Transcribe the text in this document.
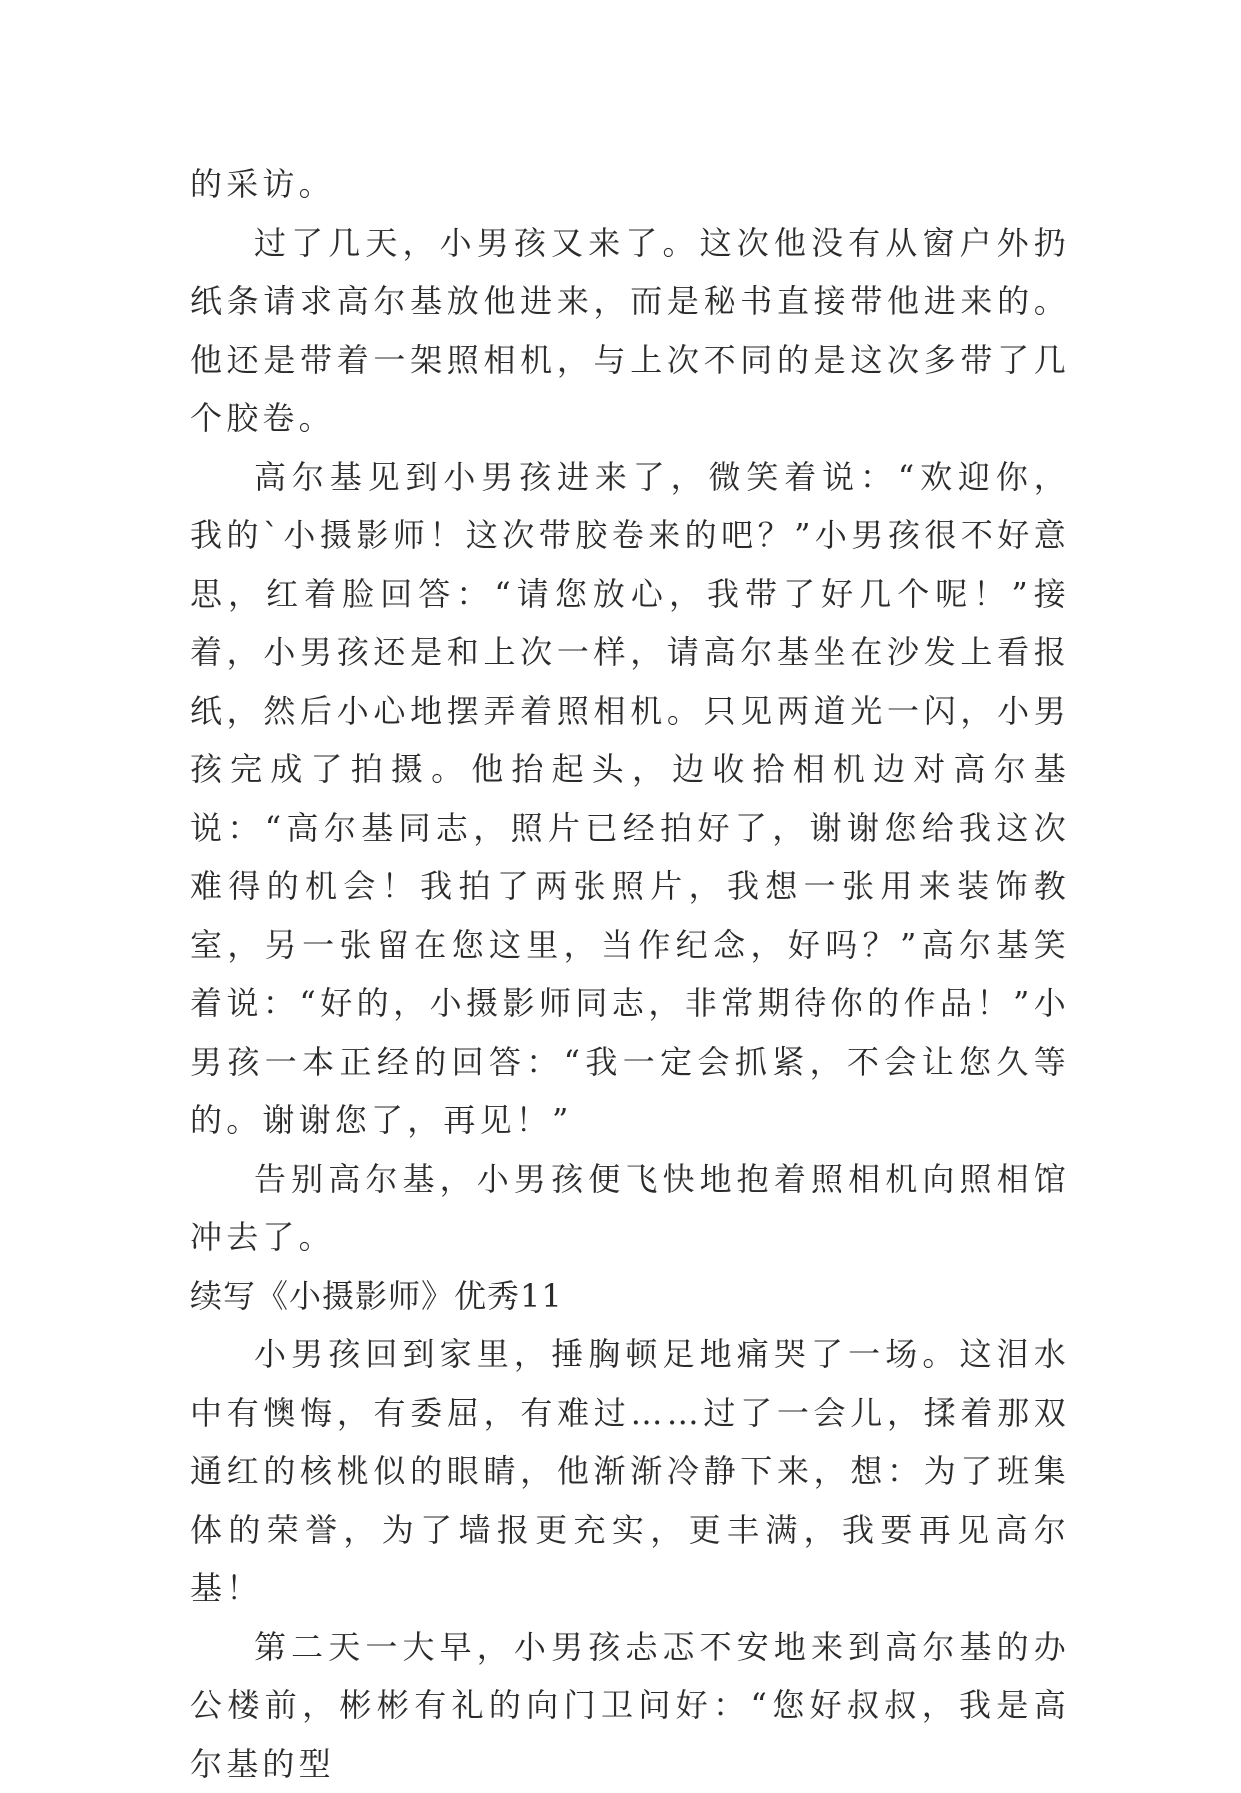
的采访。

过了几天，小男孩又来了。这次他没有从窗户外扔纸条请求高尔基放他进来，而是秘书直接带他进来的。他还是带着一架照相机，与上次不同的是这次多带了几个胶卷。

高尔基见到小男孩进来了，微笑着说：“欢迎你，我的`小摄影师！这次带胶卷来的吧？”小男孩很不好意思，红着脸回答：“请您放心，我带了好几个呢！”接着，小男孩还是和上次一样，请高尔基坐在沙发上看报纸，然后小心地摆弄着照相机。只见两道光一闪，小男孩完成了拍摄。他抬起头，边收拾相机边对高尔基说：“高尔基同志，照片已经拍好了，谢谢您给我这次难得的机会！我拍了两张照片，我想一张用来装饰教室，另一张留在您这里，当作纪念，好吗？”高尔基笑着说：“好的，小摄影师同志，非常期待你的作品！”小男孩一本正经的回答：“我一定会抓紧，不会让您久等的。谢谢您了，再见！”

告别高尔基，小男孩便飞快地抱着照相机向照相馆冲去了。

续写《小摄影师》优秀11

小男孩回到家里，捶胸顿足地痛哭了一场。这泪水中有懊悔，有委屈，有难过……过了一会儿，揉着那双通红的核桃似的眼睛，他渐渐冷静下来，想：为了班集体的荣誉，为了墙报更充实，更丰满，我要再见高尔基！

第二天一大早，小男孩忐忑不安地来到高尔基的办公楼前，彬彬有礼的向门卫问好：“您好叔叔，我是高尔基的型
